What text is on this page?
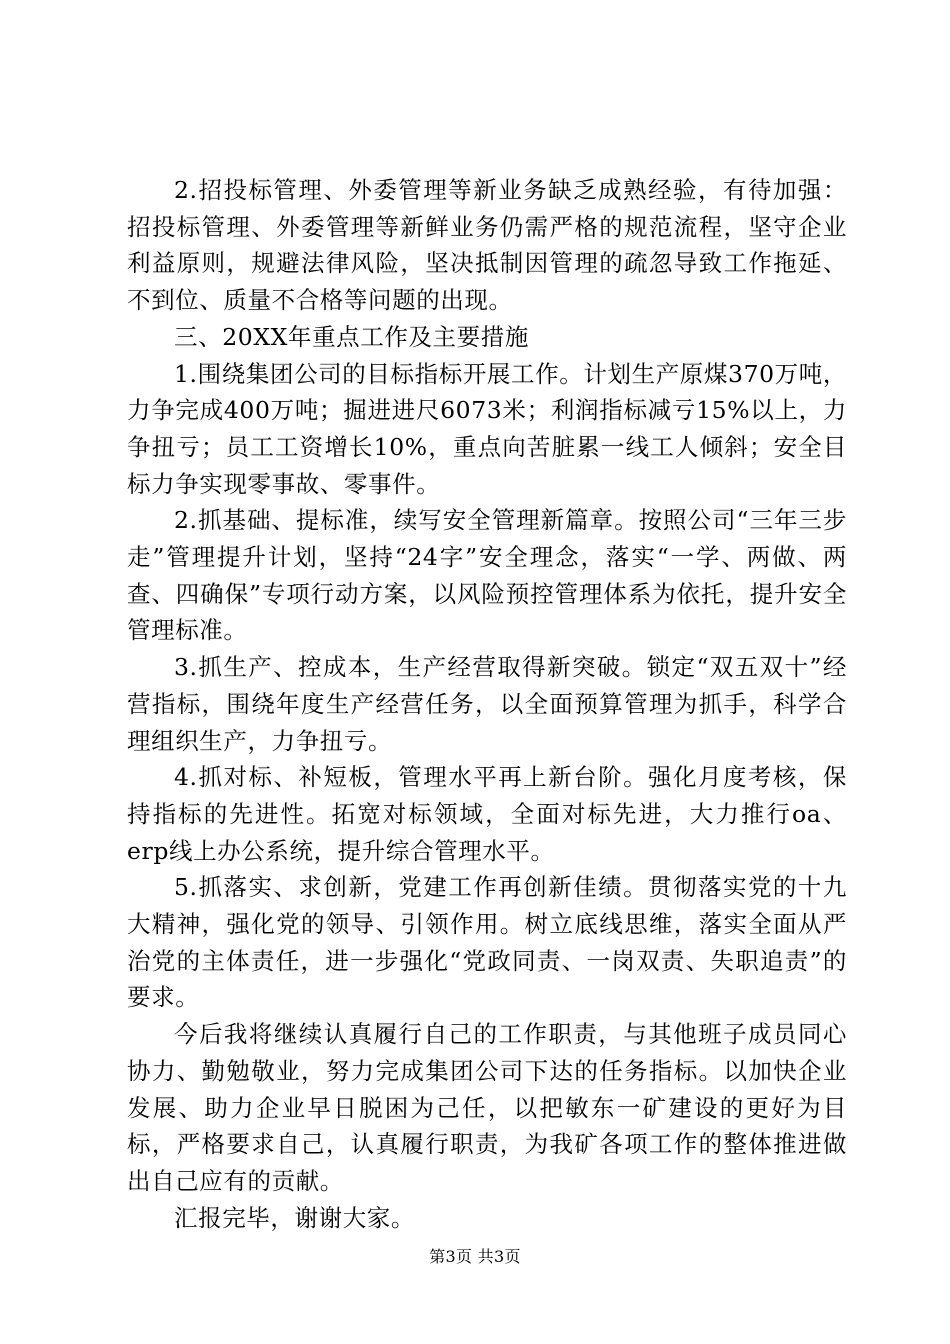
2.招投标管理、外委管理等新业务缺乏成熟经验，有待加强：招投标管理、外委管理等新鲜业务仍需严格的规范流程，坚守企业利益原则，规避法律风险，坚决抵制因管理的疏忽导致工作拖延、不到位、质量不合格等问题的出现。

三、20XX年重点工作及主要措施

1.围绕集团公司的目标指标开展工作。计划生产原煤370万吨，力争完成400万吨；掘进进尺6073米；利润指标减亏15%以上，力争扭亏；员工工资增长10%，重点向苦脏累一线工人倾斜；安全目标力争实现零事故、零事件。

2.抓基础、提标准，续写安全管理新篇章。按照公司“三年三步走”管理提升计划，坚持“24字”安全理念，落实“一学、两做、两查、四确保”专项行动方案，以风险预控管理体系为依托，提升安全管理标准。

3.抓生产、控成本，生产经营取得新突破。锁定“双五双十”经营指标，围绕年度生产经营任务，以全面预算管理为抓手，科学合理组织生产，力争扭亏。

4.抓对标、补短板，管理水平再上新台阶。强化月度考核，保持指标的先进性。拓宽对标领域，全面对标先进，大力推行oa、erp线上办公系统，提升综合管理水平。

5.抓落实、求创新，党建工作再创新佳绩。贯彻落实党的十九大精神，强化党的领导、引领作用。树立底线思维，落实全面从严治党的主体责任，进一步强化“党政同责、一岗双责、失职追责”的要求。

今后我将继续认真履行自己的工作职责，与其他班子成员同心协力、勤勉敬业，努力完成集团公司下达的任务指标。以加快企业发展、助力企业早日脱困为己任，以把敏东一矿建设的更好为目标，严格要求自己，认真履行职责，为我矿各项工作的整体推进做出自己应有的贡献。

汇报完毕，谢谢大家。

第3页 共3页
